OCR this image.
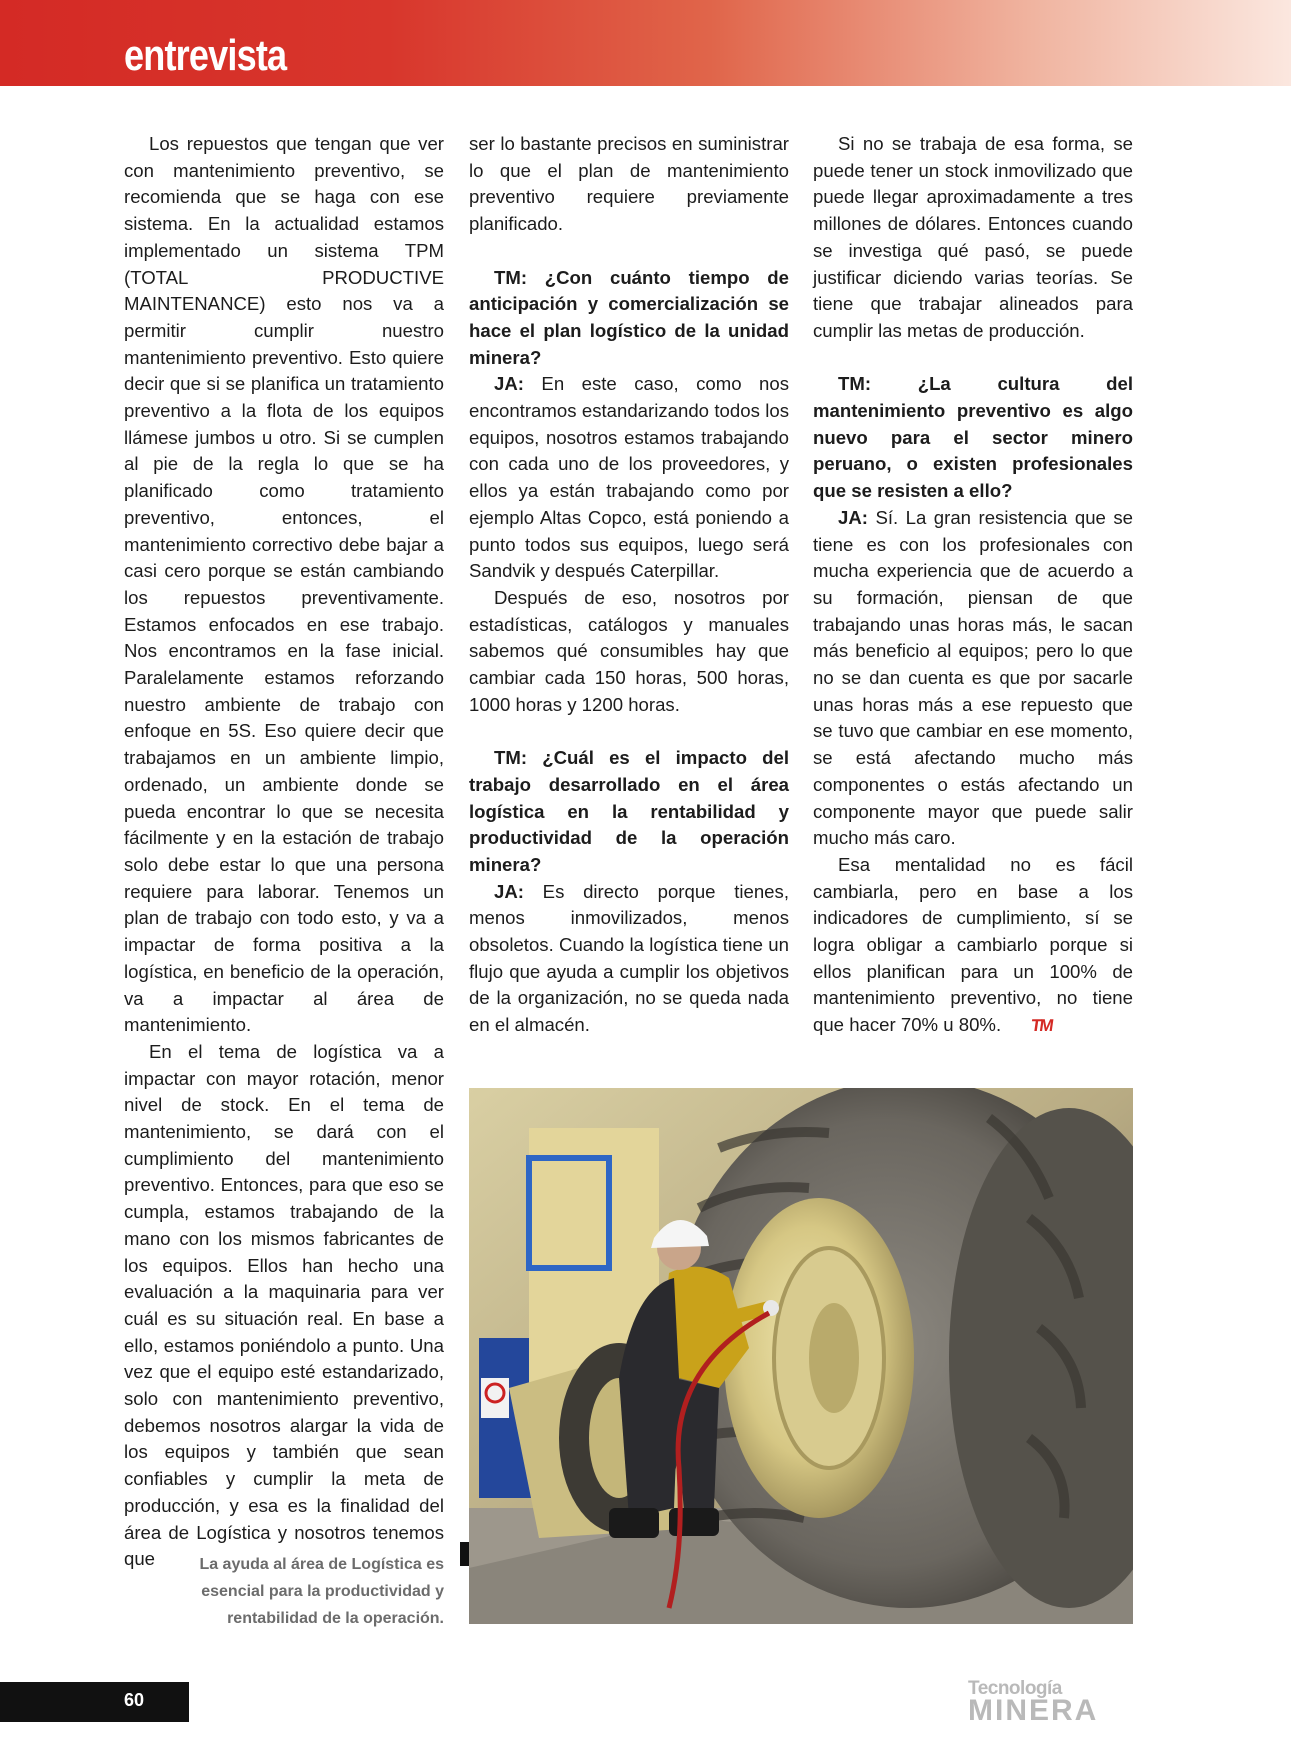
entrevista

Los repuestos que tengan que ver con mantenimiento preventivo, se recomienda que se haga con ese sistema. En la actualidad estamos implementado un sistema TPM (TOTAL PRODUCTIVE MAINTENANCE) esto nos va a permitir cumplir nuestro mantenimiento preventivo. Esto quiere decir que si se planifica un tratamiento preventivo a la flota de los equipos llámese jumbos u otro. Si se cumplen al pie de la regla lo que se ha planificado como tratamiento preventivo, entonces, el mantenimiento correctivo debe bajar a casi cero porque se están cambiando los repuestos preventivamente. Estamos enfocados en ese trabajo. Nos encontramos en la fase inicial. Paralelamente estamos reforzando nuestro ambiente de trabajo con enfoque en 5S. Eso quiere decir que trabajamos en un ambiente limpio, ordenado, un ambiente donde se pueda encontrar lo que se necesita fácilmente y en la estación de trabajo solo debe estar lo que una persona requiere para laborar. Tenemos un plan de trabajo con todo esto, y va a impactar de forma positiva a la logística, en beneficio de la operación, va a impactar al área de mantenimiento.

En el tema de logística va a impactar con mayor rotación, menor nivel de stock. En el tema de mantenimiento, se dará con el cumplimiento del mantenimiento preventivo. Entonces, para que eso se cumpla, estamos trabajando de la mano con los mismos fabricantes de los equipos. Ellos han hecho una evaluación a la maquinaria para ver cuál es su situación real. En base a ello, estamos poniéndolo a punto. Una vez que el equipo esté estandarizado, solo con mantenimiento preventivo, debemos nosotros alargar la vida de los equipos y también que sean confiables y cumplir la meta de producción, y esa es la finalidad del área de Logística y nosotros tenemos que

ser lo bastante precisos en suministrar lo que el plan de mantenimiento preventivo requiere previamente planificado.

TM: ¿Con cuánto tiempo de anticipación y comercialización se hace el plan logístico de la unidad minera?

JA: En este caso, como nos encontramos estandarizando todos los equipos, nosotros estamos trabajando con cada uno de los proveedores, y ellos ya están trabajando como por ejemplo Altas Copco, está poniendo a punto todos sus equipos, luego será Sandvik y después Caterpillar.

Después de eso, nosotros por estadísticas, catálogos y manuales sabemos qué consumibles hay que cambiar cada 150 horas, 500 horas, 1000 horas y 1200 horas.

TM: ¿Cuál es el impacto del trabajo desarrollado en el área logística en la rentabilidad y productividad de la operación minera?

JA: Es directo porque tienes, menos inmovilizados, menos obsoletos. Cuando la logística tiene un flujo que ayuda a cumplir los objetivos de la organización, no se queda nada en el almacén.

Si no se trabaja de esa forma, se puede tener un stock inmovilizado que puede llegar aproximadamente a tres millones de dólares. Entonces cuando se investiga qué pasó, se puede justificar diciendo varias teorías. Se tiene que trabajar alineados para cumplir las metas de producción.

TM: ¿La cultura del mantenimiento preventivo es algo nuevo para el sector minero peruano, o existen profesionales que se resisten a ello?

JA: Sí. La gran resistencia que se tiene es con los profesionales con mucha experiencia que de acuerdo a su formación, piensan de que trabajando unas horas más, le sacan más beneficio al equipos; pero lo que no se dan cuenta es que por sacarle unas horas más a ese repuesto que se tuvo que cambiar en ese momento, se está afectando mucho más componentes o estás afectando un componente mayor que puede salir mucho más caro.

Esa mentalidad no es fácil cambiarla, pero en base a los indicadores de cumplimiento, sí se logra obligar a cambiarlo porque si ellos planifican para un 100% de mantenimiento preventivo, no tiene que hacer 70% u 80%. TM

La ayuda al área de Logística es esencial para la productividad y rentabilidad de la operación.

60
Tecnología
MINERA
